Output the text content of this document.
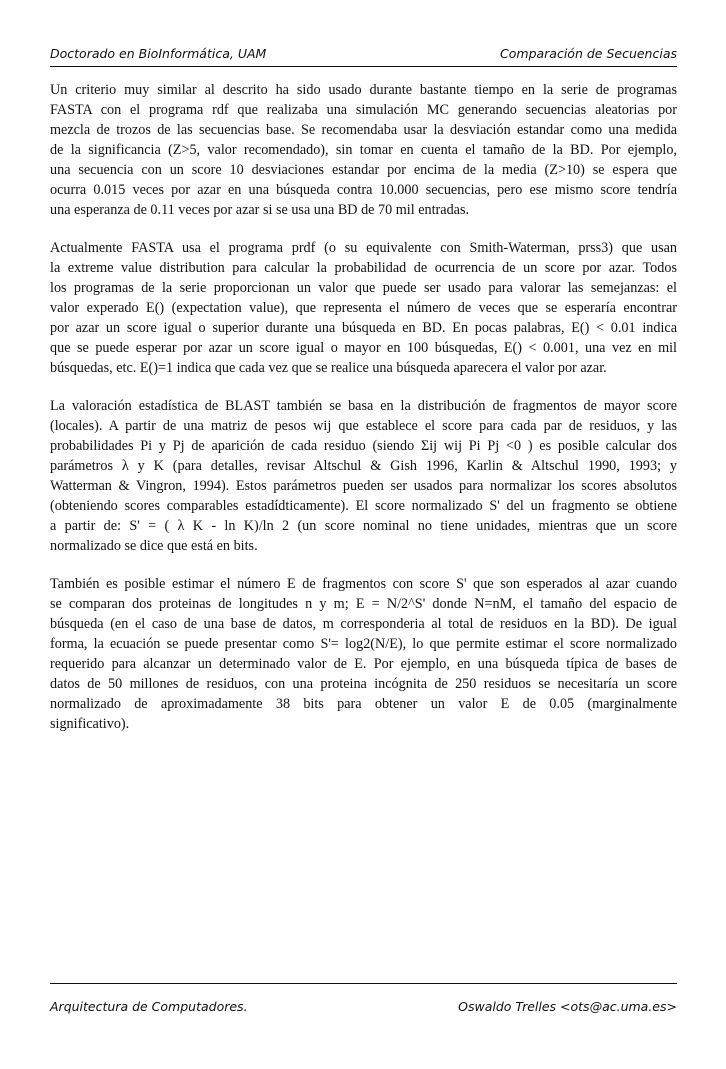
Doctorado en BioInformática, UAM	Comparación de Secuencias
Un criterio muy similar al descrito ha sido usado durante bastante tiempo en la serie de programas
FASTA con el programa rdf que realizaba una simulación MC generando secuencias aleatorias por
mezcla de trozos de las secuencias base. Se recomendaba usar la desviación estandar como una medida
de la significancia (Z>5, valor recomendado), sin tomar en cuenta el tamaño de la BD. Por ejemplo,
una secuencia con un score 10 desviaciones estandar por encima de la media (Z>10) se espera que
ocurra 0.015 veces por azar en una búsqueda contra 10.000 secuencias, pero ese mismo score tendría
una esperanza de 0.11 veces por azar si se usa una BD de 70 mil entradas.
Actualmente FASTA usa el programa prdf (o su equivalente con Smith-Waterman, prss3) que usan
la extreme value distribution para calcular la probabilidad de ocurrencia de un score por azar. Todos
los programas de la serie proporcionan un valor que puede ser usado para valorar las semejanzas: el
valor experado E() (expectation value), que representa el número de veces que se esperaría encontrar
por azar un score igual o superior durante una búsqueda en BD. En pocas palabras, E() < 0.01 indica
que se puede esperar por azar un score igual o mayor en 100 búsquedas, E() < 0.001, una vez en mil
búsquedas, etc. E()=1 indica que cada vez que se realice una búsqueda aparecera el valor por azar.
La valoración estadística de BLAST también se basa en la distribución de fragmentos de mayor score
(locales). A partir de una matriz de pesos wij que establece el score para cada par de residuos, y las
probabilidades Pi y Pj de aparición de cada residuo (siendo Σij wij Pi Pj <0 ) es posible calcular dos
parámetros λ y K (para detalles, revisar Altschul & Gish 1996, Karlin & Altschul 1990, 1993; y
Watterman & Vingron, 1994). Estos parámetros pueden ser usados para normalizar los scores absolutos
(obteniendo scores comparables estadídticamente). El score normalizado S' del un fragmento se obtiene
a partir de: S' = ( λ K - ln K)/ln 2 (un score nominal no tiene unidades, mientras que un score
normalizado se dice que está en bits.
También es posible estimar el número E de fragmentos con score S' que son esperados al azar cuando
se comparan dos proteinas de longitudes n y m; E = N/2^S' donde N=nM, el tamaño del espacio de
búsqueda (en el caso de una base de datos, m corresponderia al total de residuos en la BD). De igual
forma, la ecuación se puede presentar como S'= log2(N/E), lo que permite estimar el score normalizado
requerido para alcanzar un determinado valor de E. Por ejemplo, en una búsqueda típica de bases de
datos de 50 millones de residuos, con una proteina incógnita de 250 residuos se necesitaría un score
normalizado de aproximadamente 38 bits para obtener un valor E de 0.05 (marginalmente
significativo).
Arquitectura de Computadores.	Oswaldo Trelles <ots@ac.uma.es>
